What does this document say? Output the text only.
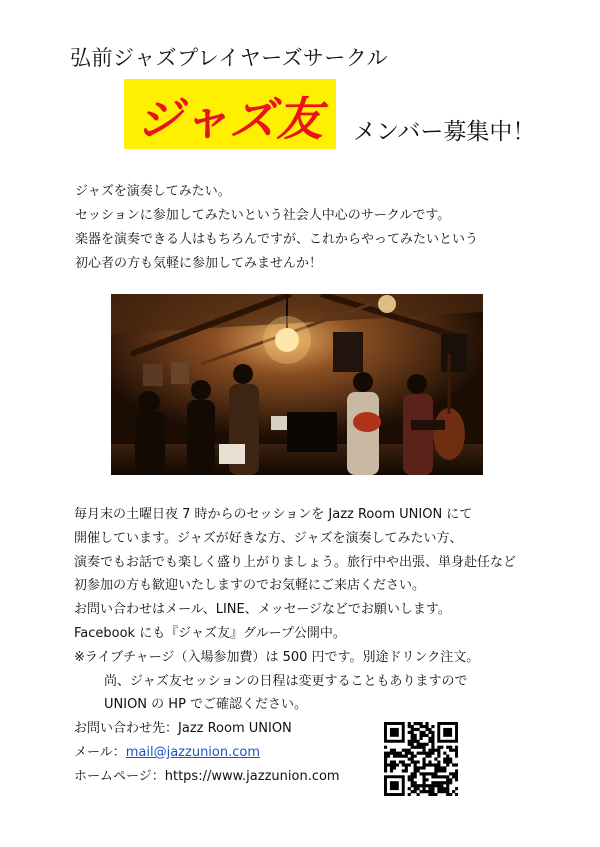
弘前ジャズプレイヤーズサークル
ジャズ友	メンバー募集中！
ジャズを演奏してみたい。
セッションに参加してみたいという社会人中心のサークルです。
楽器を演奏できる人はもちろんですが、これからやってみたいという
初心者の方も気軽に参加してみませんか！
毎月末の土曜日夜 7 時からのセッションを Jazz Room UNION にて
開催しています。ジャズが好きな方、ジャズを演奏してみたい方、
演奏でもお話でも楽しく盛り上がりましょう。旅行中や出張、単身赴任など
初参加の方も歓迎いたしますのでお気軽にご来店ください。
お問い合わせはメール、LINE、メッセージなどでお願いします。
Facebook にも『ジャズ友』グループ公開中。
※ライブチャージ（入場参加費）は 500 円です。別途ドリンク注文。
尚、ジャズ友セッションの日程は変更することもありますので
UNION の HP でご確認ください。
お問い合わせ先：Jazz Room UNION
メール：mail@jazzunion.com
ホームページ：https://www.jazzunion.com
